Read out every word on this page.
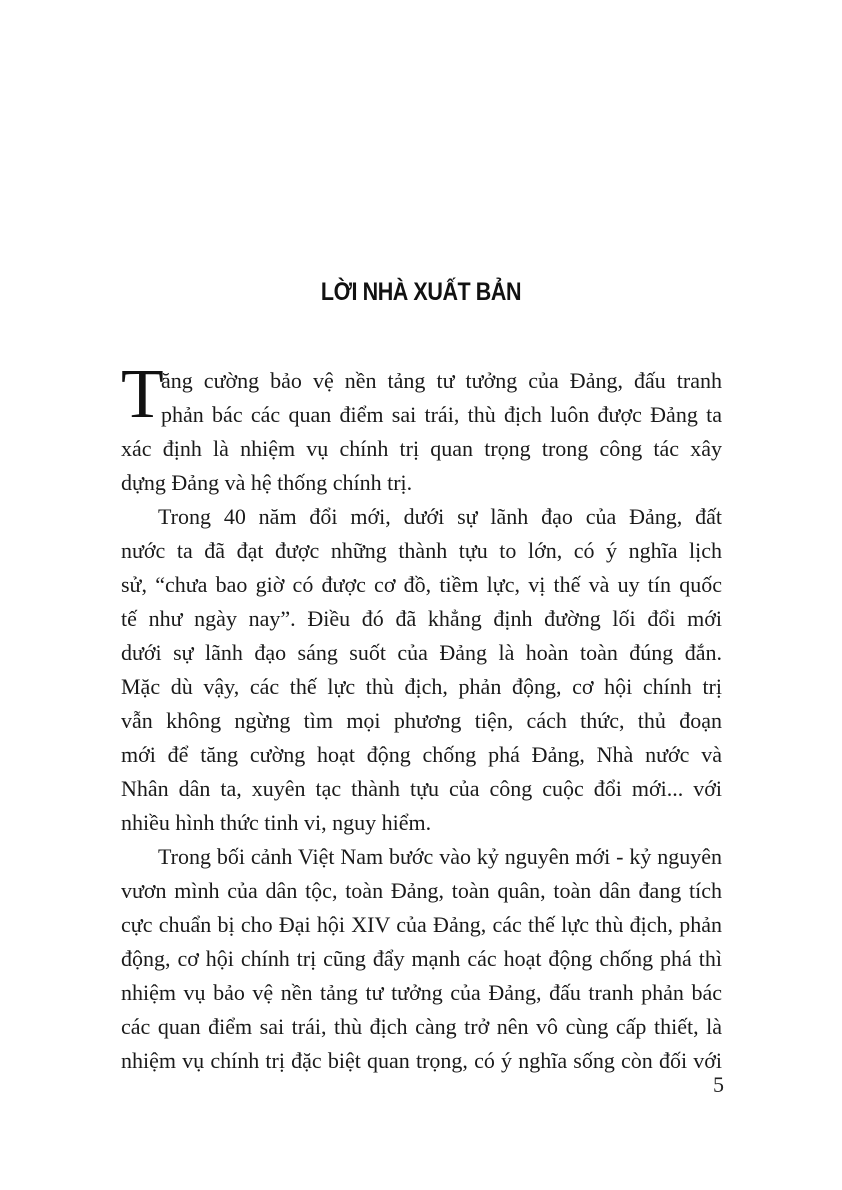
LỜI NHÀ XUẤT BẢN
T
ăng cường bảo vệ nền tảng tư tưởng của Đảng, đấu tranh
phản bác các quan điểm sai trái, thù địch luôn được Đảng ta
xác định là nhiệm vụ chính trị quan trọng trong công tác xây
dựng Đảng và hệ thống chính trị.
Trong 40 năm đổi mới, dưới sự lãnh đạo của Đảng, đất
nước ta đã đạt được những thành tựu to lớn, có ý nghĩa lịch
sử, “chưa bao giờ có được cơ đồ, tiềm lực, vị thế và uy tín quốc
tế như ngày nay”. Điều đó đã khẳng định đường lối đổi mới
dưới sự lãnh đạo sáng suốt của Đảng là hoàn toàn đúng đắn.
Mặc dù vậy, các thế lực thù địch, phản động, cơ hội chính trị
vẫn không ngừng tìm mọi phương tiện, cách thức, thủ đoạn
mới để tăng cường hoạt động chống phá Đảng, Nhà nước và
Nhân dân ta, xuyên tạc thành tựu của công cuộc đổi mới... với
nhiều hình thức tinh vi, nguy hiểm.
Trong bối cảnh Việt Nam bước vào kỷ nguyên mới - kỷ nguyên
vươn mình của dân tộc, toàn Đảng, toàn quân, toàn dân đang tích
cực chuẩn bị cho Đại hội XIV của Đảng, các thế lực thù địch, phản
động, cơ hội chính trị cũng đẩy mạnh các hoạt động chống phá thì
nhiệm vụ bảo vệ nền tảng tư tưởng của Đảng, đấu tranh phản bác
các quan điểm sai trái, thù địch càng trở nên vô cùng cấp thiết, là
nhiệm vụ chính trị đặc biệt quan trọng, có ý nghĩa sống còn đối với
5
